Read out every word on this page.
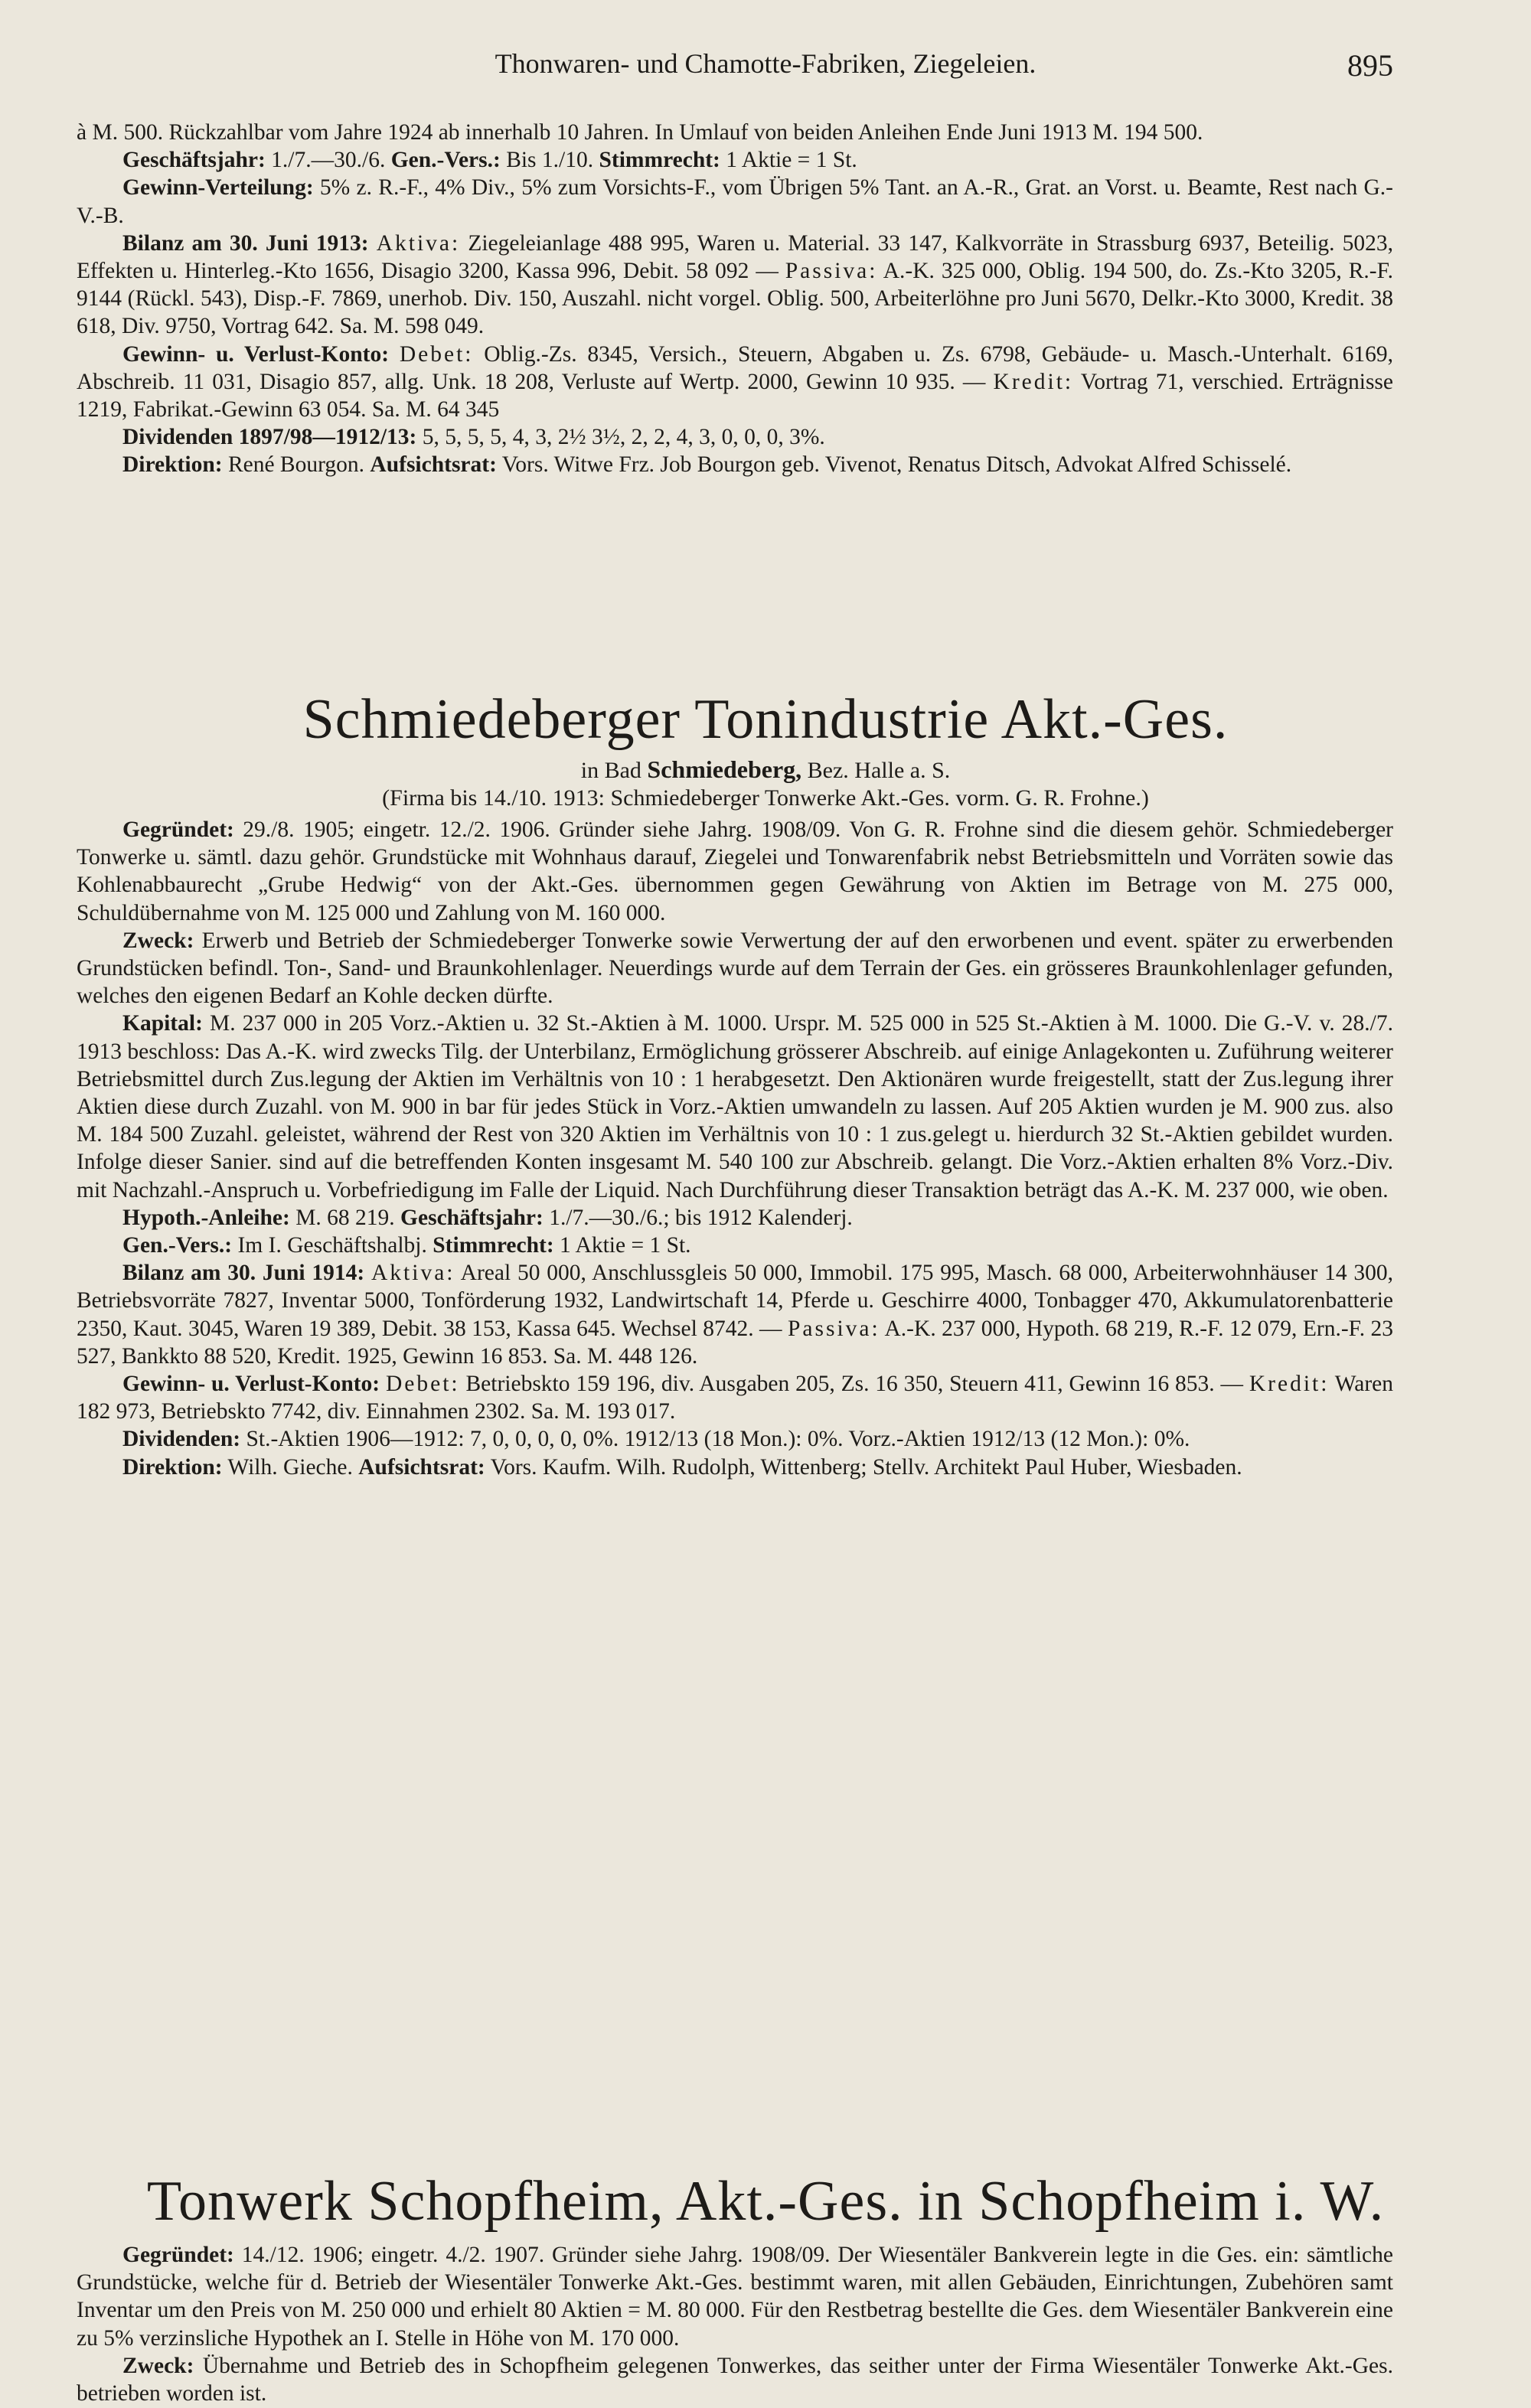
Thonwaren- und Chamotte-Fabriken, Ziegeleien.	895

à M. 500. Rückzahlbar vom Jahre 1924 ab innerhalb 10 Jahren. In Umlauf von beiden Anleihen Ende Juni 1913 M. 194 500.

Geschäftsjahr: 1./7.—30./6. Gen.-Vers.: Bis 1./10. Stimmrecht: 1 Aktie = 1 St.

Gewinn-Verteilung: 5% z. R.-F., 4% Div., 5% zum Vorsichts-F., vom Übrigen 5% Tant. an A.-R., Grat. an Vorst. u. Beamte, Rest nach G.-V.-B.

Bilanz am 30. Juni 1913: Aktiva: Ziegeleianlage 488 995, Waren u. Material. 33 147, Kalkvorräte in Strassburg 6937, Beteilig. 5023, Effekten u. Hinterleg.-Kto 1656, Disagio 3200, Kassa 996, Debit. 58 092 — Passiva: A.-K. 325 000, Oblig. 194 500, do. Zs.-Kto 3205, R.-F. 9144 (Rückl. 543), Disp.-F. 7869, unerhob. Div. 150, Auszahl. nicht vorgel. Oblig. 500, Arbeiterlöhne pro Juni 5670, Delkr.-Kto 3000, Kredit. 38 618, Div. 9750, Vortrag 642. Sa. M. 598 049.

Gewinn- u. Verlust-Konto: Debet: Oblig.-Zs. 8345, Versich., Steuern, Abgaben u. Zs. 6798, Gebäude- u. Masch.-Unterhalt. 6169, Abschreib. 11 031, Disagio 857, allg. Unk. 18 208, Verluste auf Wertp. 2000, Gewinn 10 935. — Kredit: Vortrag 71, verschied. Erträgnisse 1219, Fabrikat.-Gewinn 63 054. Sa. M. 64 345

Dividenden 1897/98—1912/13: 5, 5, 5, 5, 4, 3, 2½ 3½, 2, 2, 4, 3, 0, 0, 0, 3%.

Direktion: René Bourgon. Aufsichtsrat: Vors. Witwe Frz. Job Bourgon geb. Vivenot, Renatus Ditsch, Advokat Alfred Schisselé.

Schmiedeberger Tonindustrie Akt.-Ges.
in Bad Schmiedeberg, Bez. Halle a. S.
(Firma bis 14./10. 1913: Schmiedeberger Tonwerke Akt.-Ges. vorm. G. R. Frohne.)

Gegründet: 29./8. 1905; eingetr. 12./2. 1906. Gründer siehe Jahrg. 1908/09. Von G. R. Frohne sind die diesem gehör. Schmiedeberger Tonwerke u. sämtl. dazu gehör. Grundstücke mit Wohnhaus darauf, Ziegelei und Tonwarenfabrik nebst Betriebsmitteln und Vorräten sowie das Kohlenabbaurecht „Grube Hedwig“ von der Akt.-Ges. übernommen gegen Gewährung von Aktien im Betrage von M. 275 000, Schuldübernahme von M. 125 000 und Zahlung von M. 160 000.

Zweck: Erwerb und Betrieb der Schmiedeberger Tonwerke sowie Verwertung der auf den erworbenen und event. später zu erwerbenden Grundstücken befindl. Ton-, Sand- und Braunkohlenlager. Neuerdings wurde auf dem Terrain der Ges. ein grösseres Braunkohlenlager gefunden, welches den eigenen Bedarf an Kohle decken dürfte.

Kapital: M. 237 000 in 205 Vorz.-Aktien u. 32 St.-Aktien à M. 1000. Urspr. M. 525 000 in 525 St.-Aktien à M. 1000. Die G.-V. v. 28./7. 1913 beschloss: Das A.-K. wird zwecks Tilg. der Unterbilanz, Ermöglichung grösserer Abschreib. auf einige Anlagekonten u. Zuführung weiterer Betriebsmittel durch Zus.legung der Aktien im Verhältnis von 10 : 1 herabgesetzt. Den Aktionären wurde freigestellt, statt der Zus.legung ihrer Aktien diese durch Zuzahl. von M. 900 in bar für jedes Stück in Vorz.-Aktien umwandeln zu lassen. Auf 205 Aktien wurden je M. 900 zus. also M. 184 500 Zuzahl. geleistet, während der Rest von 320 Aktien im Verhältnis von 10 : 1 zus.gelegt u. hierdurch 32 St.-Aktien gebildet wurden. Infolge dieser Sanier. sind auf die betreffenden Konten insgesamt M. 540 100 zur Abschreib. gelangt. Die Vorz.-Aktien erhalten 8% Vorz.-Div. mit Nachzahl.-Anspruch u. Vorbefriedigung im Falle der Liquid. Nach Durchführung dieser Transaktion beträgt das A.-K. M. 237 000, wie oben.

Hypoth.-Anleihe: M. 68 219. Geschäftsjahr: 1./7.—30./6.; bis 1912 Kalenderj.

Gen.-Vers.: Im I. Geschäftshalbj. Stimmrecht: 1 Aktie = 1 St.

Bilanz am 30. Juni 1914: Aktiva: Areal 50 000, Anschlussgleis 50 000, Immobil. 175 995, Masch. 68 000, Arbeiterwohnhäuser 14 300, Betriebsvorräte 7827, Inventar 5000, Tonförderung 1932, Landwirtschaft 14, Pferde u. Geschirre 4000, Tonbagger 470, Akkumulatorenbatterie 2350, Kaut. 3045, Waren 19 389, Debit. 38 153, Kassa 645. Wechsel 8742. — Passiva: A.-K. 237 000, Hypoth. 68 219, R.-F. 12 079, Ern.-F. 23 527, Bankkto 88 520, Kredit. 1925, Gewinn 16 853. Sa. M. 448 126.

Gewinn- u. Verlust-Konto: Debet: Betriebskto 159 196, div. Ausgaben 205, Zs. 16 350, Steuern 411, Gewinn 16 853. — Kredit: Waren 182 973, Betriebskto 7742, div. Einnahmen 2302. Sa. M. 193 017.

Dividenden: St.-Aktien 1906—1912: 7, 0, 0, 0, 0, 0%. 1912/13 (18 Mon.): 0%. Vorz.-Aktien 1912/13 (12 Mon.): 0%.

Direktion: Wilh. Gieche. Aufsichtsrat: Vors. Kaufm. Wilh. Rudolph, Wittenberg; Stellv. Architekt Paul Huber, Wiesbaden.

Tonwerk Schopfheim, Akt.-Ges. in Schopfheim i. W.

Gegründet: 14./12. 1906; eingetr. 4./2. 1907. Gründer siehe Jahrg. 1908/09. Der Wiesentäler Bankverein legte in die Ges. ein: sämtliche Grundstücke, welche für d. Betrieb der Wiesentäler Tonwerke Akt.-Ges. bestimmt waren, mit allen Gebäuden, Einrichtungen, Zubehören samt Inventar um den Preis von M. 250 000 und erhielt 80 Aktien = M. 80 000. Für den Restbetrag bestellte die Ges. dem Wiesentäler Bankverein eine zu 5% verzinsliche Hypothek an I. Stelle in Höhe von M. 170 000.

Zweck: Übernahme und Betrieb des in Schopfheim gelegenen Tonwerkes, das seither unter der Firma Wiesentäler Tonwerke Akt.-Ges. betrieben worden ist.
